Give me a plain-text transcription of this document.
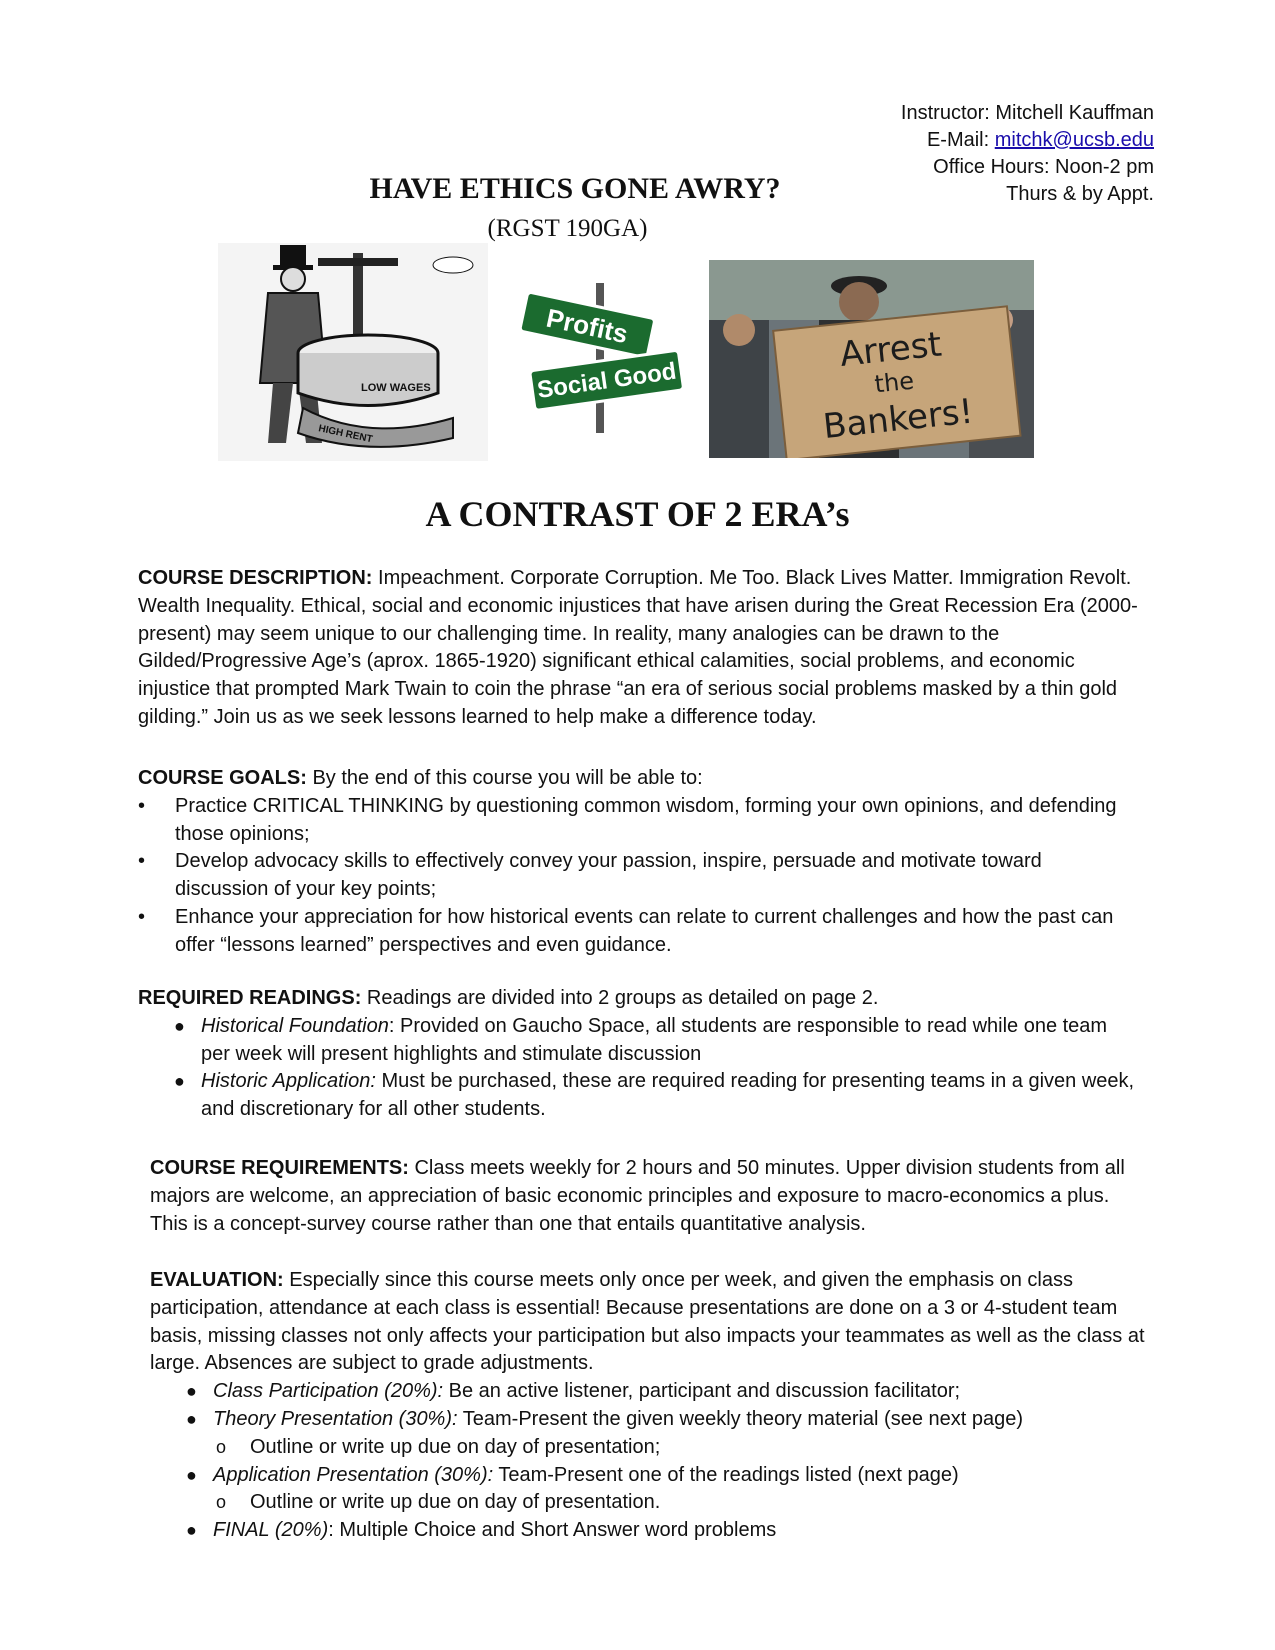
Instructor: Mitchell Kauffman
E-Mail: mitchk@ucsb.edu
Office Hours: Noon-2 pm
Thurs & by Appt.
HAVE ETHICS GONE AWRY?
(RGST 190GA)
LOW WAGES
HIGH RENT
Profits
Social Good
Arrest
the
Bankers!
A CONTRAST OF 2 ERA’s

COURSE DESCRIPTION: Impeachment. Corporate Corruption. Me Too. Black Lives Matter. Immigration Revolt. Wealth Inequality. Ethical, social and economic injustices that have arisen during the Great Recession Era (2000-present) may seem unique to our challenging time. In reality, many analogies can be drawn to the Gilded/Progressive Age’s (aprox. 1865-1920) significant ethical calamities, social problems, and economic injustice that prompted Mark Twain to coin the phrase “an era of serious social problems masked by a thin gold gilding.” Join us as we seek lessons learned to help make a difference today.

COURSE GOALS: By the end of this course you will be able to:

• Practice CRITICAL THINKING by questioning common wisdom, forming your own opinions, and defending those opinions;
• Develop advocacy skills to effectively convey your passion, inspire, persuade and motivate toward discussion of your key points;
• Enhance your appreciation for how historical events can relate to current challenges and how the past can offer “lessons learned” perspectives and even guidance.

REQUIRED READINGS: Readings are divided into 2 groups as detailed on page 2.

● Historical Foundation: Provided on Gaucho Space, all students are responsible to read while one team per week will present highlights and stimulate discussion
● Historic Application: Must be purchased, these are required reading for presenting teams in a given week, and discretionary for all other students.

COURSE REQUIREMENTS: Class meets weekly for 2 hours and 50 minutes. Upper division students from all majors are welcome, an appreciation of basic economic principles and exposure to macro-economics a plus. This is a concept-survey course rather than one that entails quantitative analysis.

EVALUATION: Especially since this course meets only once per week, and given the emphasis on class participation, attendance at each class is essential! Because presentations are done on a 3 or 4-student team basis, missing classes not only affects your participation but also impacts your teammates as well as the class at large. Absences are subject to grade adjustments.

● Class Participation (20%): Be an active listener, participant and discussion facilitator;
● Theory Presentation (30%): Team-Present the given weekly theory material (see next page)
o Outline or write up due on day of presentation;
● Application Presentation (30%): Team-Present one of the readings listed (next page)
o Outline or write up due on day of presentation.
● FINAL (20%): Multiple Choice and Short Answer word problems
